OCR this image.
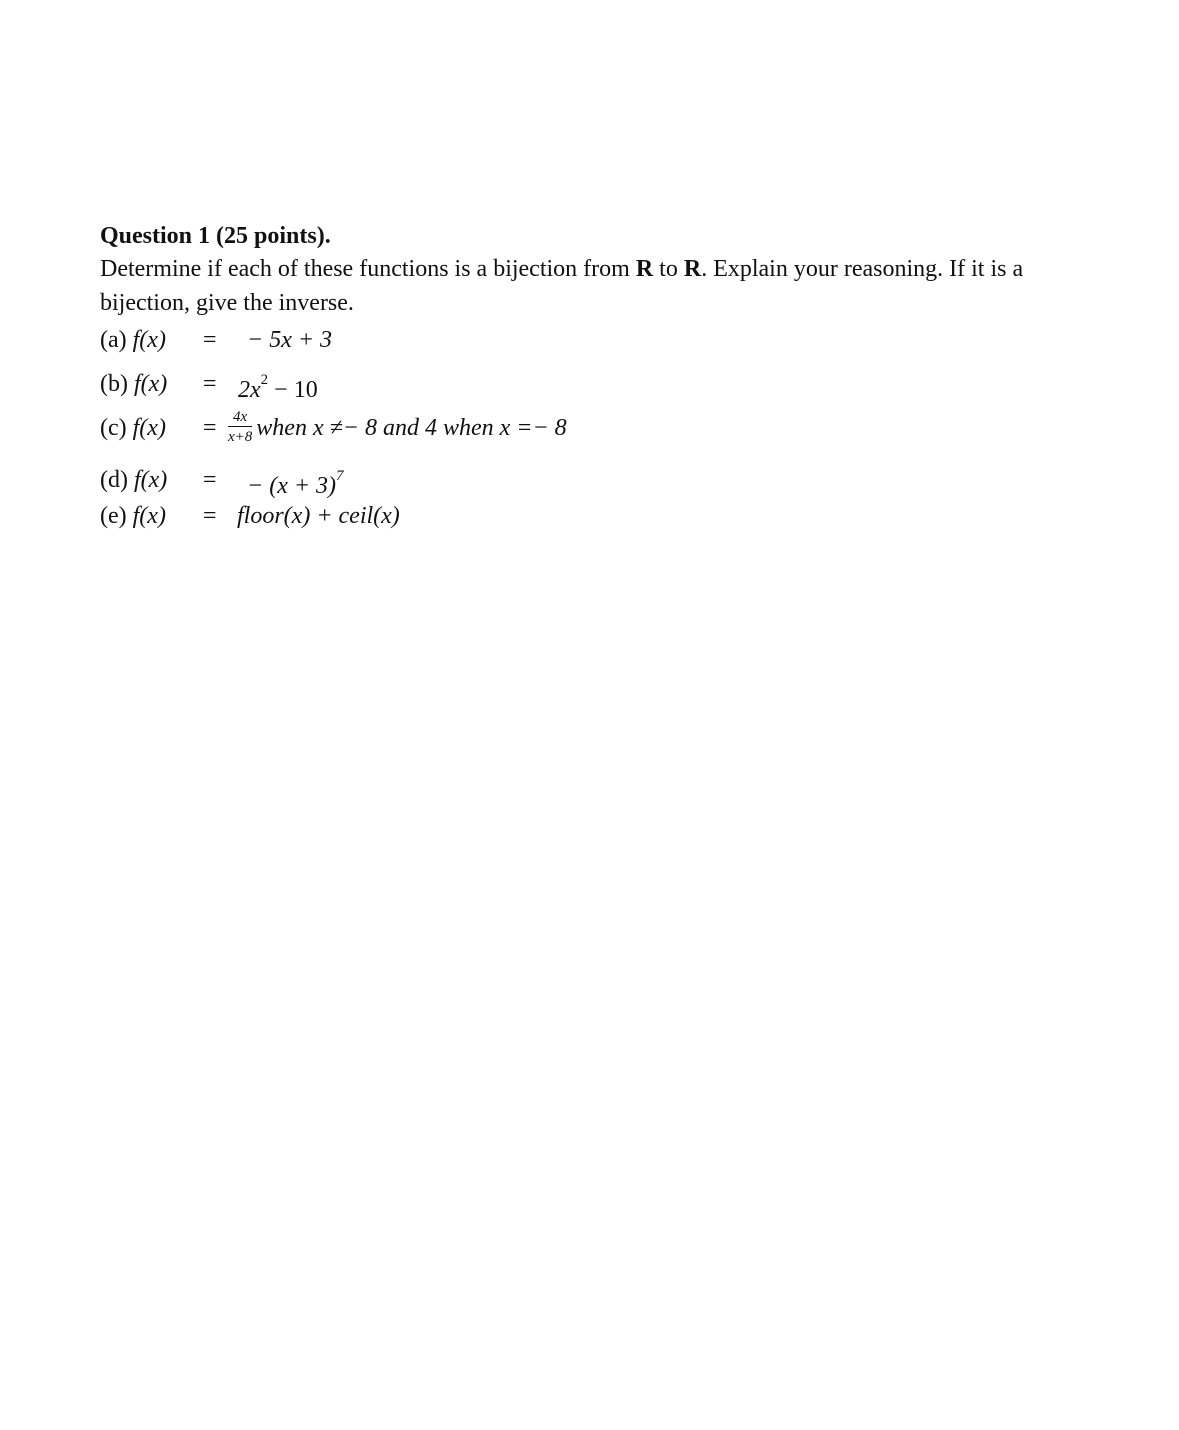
Question 1 (25 points).

Determine if each of these functions is a bijection from R to R. Explain your reasoning. If it is a bijection, give the inverse.

(a) f(x) = − 5x + 3
(b) $f(x) = 2x^2 - 10$
(c) $f(x) = \frac{4x}{x+8}$ when x ≠− 8 and 4 when x =− 8
(d) f(x) = − $(x + 3)^7$
(e) f(x) = floor(x) + ceil(x)
